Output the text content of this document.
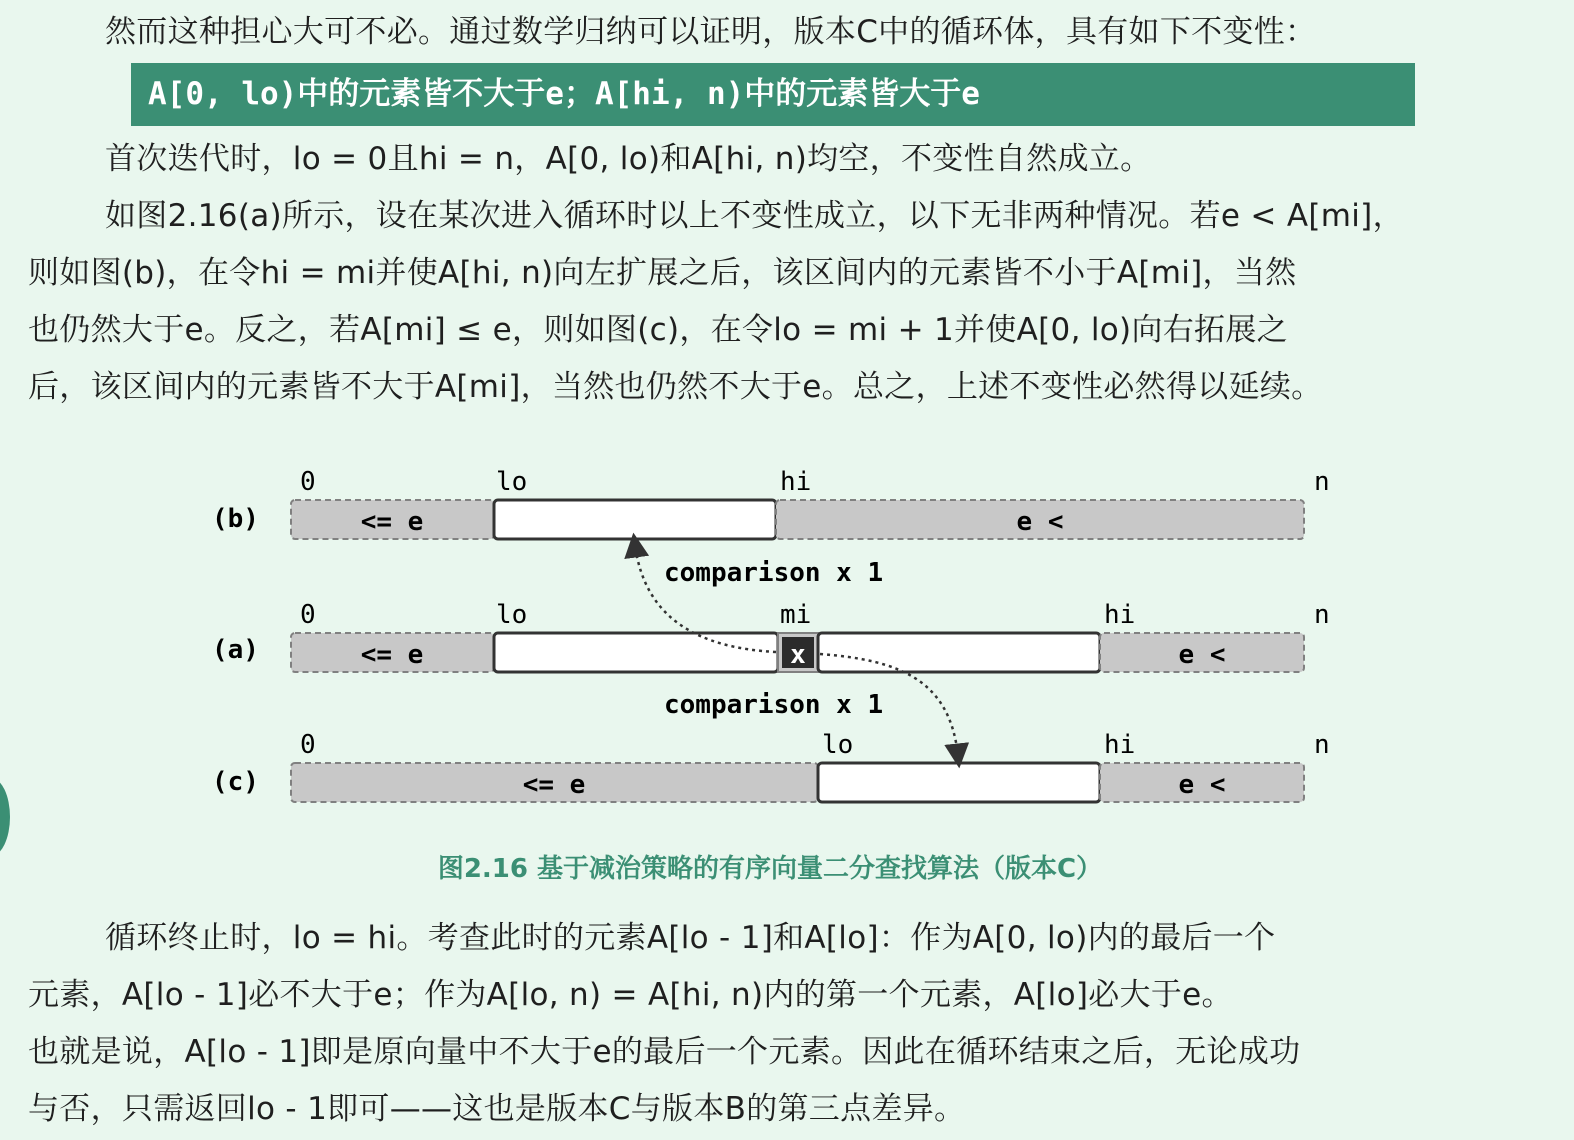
然而这种担心大可不必。通过数学归纳可以证明，版本C中的循环体，具有如下不变性：
A[0, lo)中的元素皆不大于e；A[hi, n)中的元素皆大于e
首次迭代时，lo = 0且hi = n，A[0, lo)和A[hi, n)均空，不变性自然成立。
如图2.16(a)所示，设在某次进入循环时以上不变性成立，以下无非两种情况。若e < A[mi]，
则如图(b)，在令hi = mi并使A[hi, n)向左扩展之后，该区间内的元素皆不小于A[mi]，当然
也仍然大于e。反之，若A[mi] ≤ e，则如图(c)，在令lo = mi + 1并使A[0, lo)向右拓展之
后，该区间内的元素皆不大于A[mi]，当然也仍然不大于e。总之，上述不变性必然得以延续。
(b)
0	lo	hi	n
<= e	e <
comparison x 1
(a)
0	lo	mi	hi	n
x
<= e	e <
comparison x 1
(c)
0	lo	hi	n
<= e	e <
图2.16 基于减治策略的有序向量二分查找算法（版本C）
循环终止时，lo = hi。考查此时的元素A[lo - 1]和A[lo]：作为A[0, lo)内的最后一个
元素，A[lo - 1]必不大于e；作为A[lo, n) = A[hi, n)内的第一个元素，A[lo]必大于e。
也就是说，A[lo - 1]即是原向量中不大于e的最后一个元素。因此在循环结束之后，无论成功
与否，只需返回lo - 1即可——这也是版本C与版本B的第三点差异。
